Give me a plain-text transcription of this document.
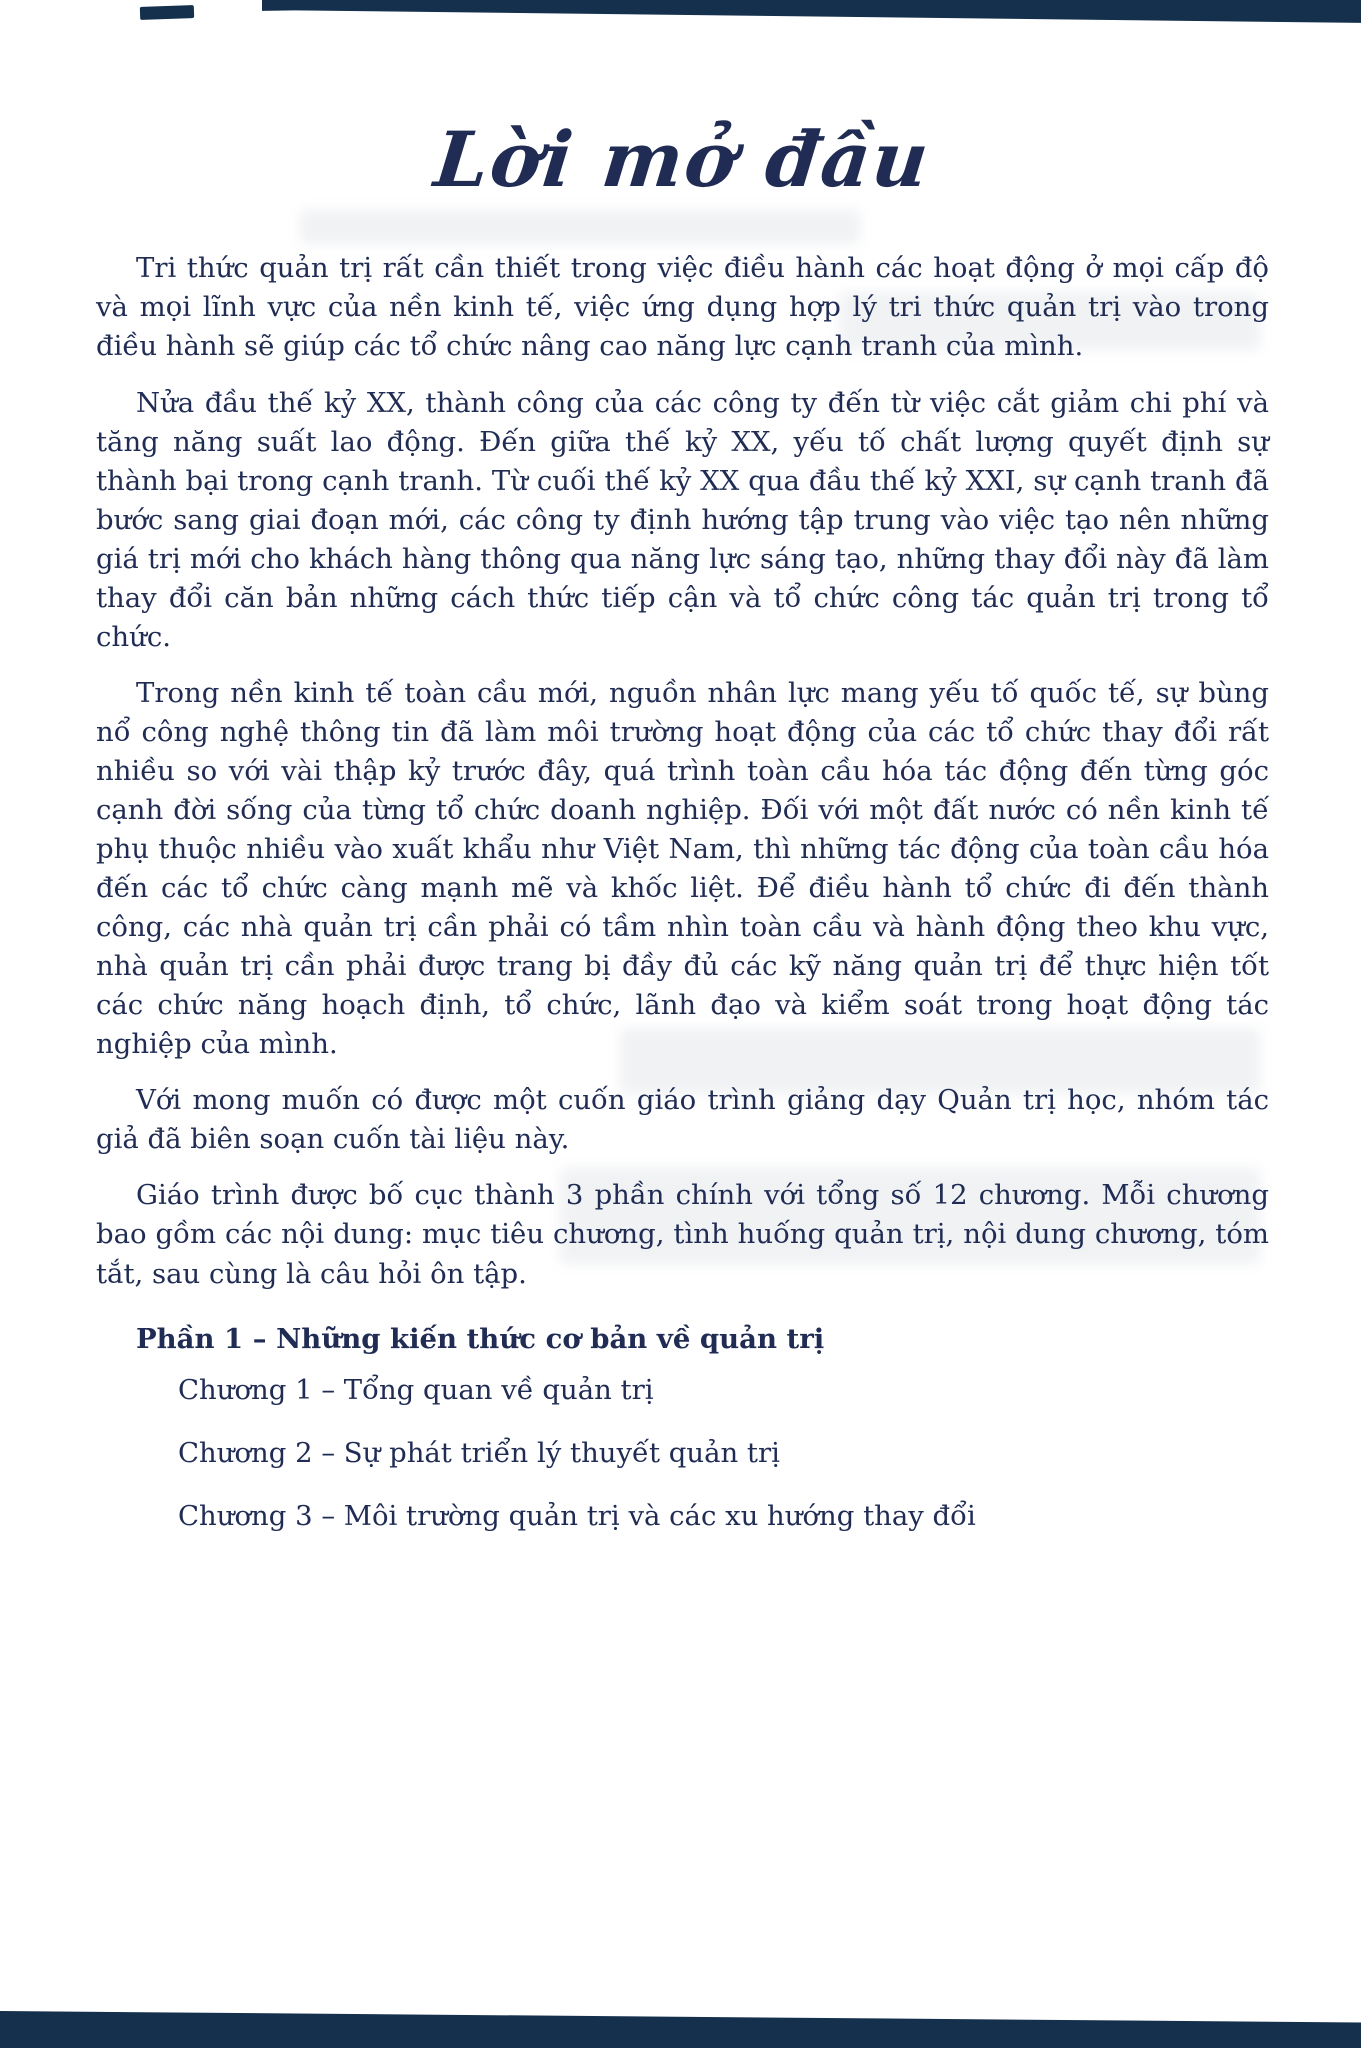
Lời mở đầu

Tri thức quản trị rất cần thiết trong việc điều hành các hoạt động ở mọi cấp độ và mọi lĩnh vực của nền kinh tế, việc ứng dụng hợp lý tri thức quản trị vào trong điều hành sẽ giúp các tổ chức nâng cao năng lực cạnh tranh của mình.

Nửa đầu thế kỷ XX, thành công của các công ty đến từ việc cắt giảm chi phí và tăng năng suất lao động. Đến giữa thế kỷ XX, yếu tố chất lượng quyết định sự thành bại trong cạnh tranh. Từ cuối thế kỷ XX qua đầu thế kỷ XXI, sự cạnh tranh đã bước sang giai đoạn mới, các công ty định hướng tập trung vào việc tạo nên những giá trị mới cho khách hàng thông qua năng lực sáng tạo, những thay đổi này đã làm thay đổi căn bản những cách thức tiếp cận và tổ chức công tác quản trị trong tổ chức.

Trong nền kinh tế toàn cầu mới, nguồn nhân lực mang yếu tố quốc tế, sự bùng nổ công nghệ thông tin đã làm môi trường hoạt động của các tổ chức thay đổi rất nhiều so với vài thập kỷ trước đây, quá trình toàn cầu hóa tác động đến từng góc cạnh đời sống của từng tổ chức doanh nghiệp. Đối với một đất nước có nền kinh tế phụ thuộc nhiều vào xuất khẩu như Việt Nam, thì những tác động của toàn cầu hóa đến các tổ chức càng mạnh mẽ và khốc liệt. Để điều hành tổ chức đi đến thành công, các nhà quản trị cần phải có tầm nhìn toàn cầu và hành động theo khu vực, nhà quản trị cần phải được trang bị đầy đủ các kỹ năng quản trị để thực hiện tốt các chức năng hoạch định, tổ chức, lãnh đạo và kiểm soát trong hoạt động tác nghiệp của mình.

Với mong muốn có được một cuốn giáo trình giảng dạy Quản trị học, nhóm tác giả đã biên soạn cuốn tài liệu này.

Giáo trình được bố cục thành 3 phần chính với tổng số 12 chương. Mỗi chương bao gồm các nội dung: mục tiêu chương, tình huống quản trị, nội dung chương, tóm tắt, sau cùng là câu hỏi ôn tập.

Phần 1 – Những kiến thức cơ bản về quản trị

Chương 1 – Tổng quan về quản trị

Chương 2 – Sự phát triển lý thuyết quản trị

Chương 3 – Môi trường quản trị và các xu hướng thay đổi
